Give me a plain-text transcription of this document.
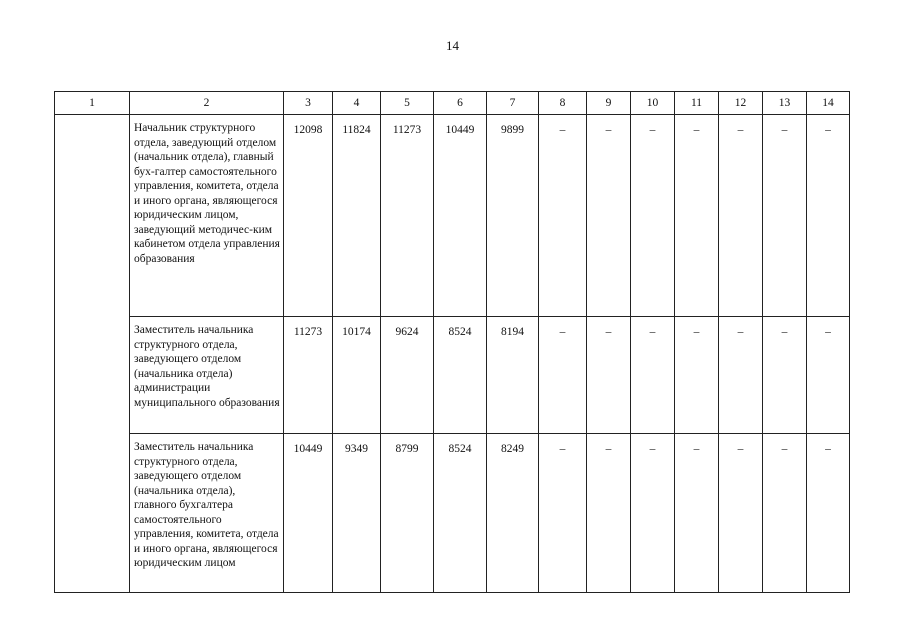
14
1	2	3	4	5	6	7	8	9	10	11	12	13	14
	Начальник структурного отдела, заведующий отделом (начальник отдела), главный бух-галтер самостоятельного управления, комитета, отдела и иного органа, являющегося юридическим лицом, заведующий методичес-ким кабинетом отдела управления образования	12098	11824	11273	10449	9899	–	–	–	–	–	–	–
	Заместитель начальника структурного отдела, заведующего отделом (начальника отдела) администрации муниципального образования	11273	10174	9624	8524	8194	–	–	–	–	–	–	–
	Заместитель начальника структурного отдела, заведующего отделом (начальника отдела), главного бухгалтера самостоятельного управления, комитета, отдела и иного органа, являющегося юридическим лицом	10449	9349	8799	8524	8249	–	–	–	–	–	–	–
